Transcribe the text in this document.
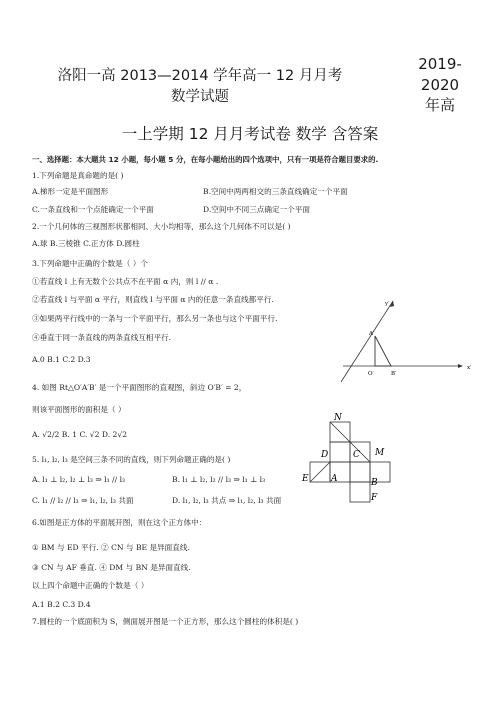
洛阳一高 2013—2014 学年高一 12 月月考
数学试题
2019-
2020
年高
一上学期 12 月月考试卷 数学 含答案
一、选择题：本大题共 12 小题，每小题 5 分，在每小题给出的四个选项中，只有一项是符合题目要求的.
1.下列命题是真命题的是( )
A.梯形一定是平面图形	B.空间中两两相交的三条直线确定一个平面
C.一条直线和一个点能确定一个平面	D.空间中不同三点确定一个平面
2.一个几何体的三视图形状都相同、大小均相等，那么这个几何体不可以是( )
A.球 B.三棱锥 C.正方体 D.圆柱
3.下列命题中正确的个数是（ ）个
①若直线 l 上有无数个公共点不在平面 α 内，则 l // α .
②若直线 l 与平面 α 平行，则直线 l 与平面 α 内的任意一条直线都平行.
③如果两平行线中的一条与一个平面平行，那么另一条也与这个平面平行.
④垂直于同一条直线的两条直线互相平行.
A.0 B.1 C.2 D.3
y′
A′
O′	B′
x′
4. 如图 Rt△O′A′B′ 是一个平面图形的直观图，斜边 O′B′ = 2，
则该平面图形的面积是（ ）
A. √2/2 B. 1 C. √2 D. 2√2
N
D	C M
E A	B
F
5. l₁, l₂, l₃ 是空间三条不同的直线，则下列命题正确的是( )
A. l₁ ⊥ l₂, l₂ ⊥ l₃ ⇒ l₁ // l₃	B. l₁ ⊥ l₂, l₂ // l₃ ⇒ l₁ ⊥ l₃
C. l₁ // l₂ // l₃ ⇒ l₁, l₂, l₃ 共面	D. l₁, l₂, l₃ 共点 ⇒ l₁, l₂, l₃ 共面
6.如图是正方体的平面展开图，则在这个正方体中：
① BM 与 ED 平行. ② CN 与 BE 是异面直线.
③ CN 与 AF 垂直. ④ DM 与 BN 是异面直线.
以上四个命题中正确的个数是（ ）
A.1 B.2 C.3 D.4
7.圆柱的一个底面积为 S，侧面展开图是一个正方形，那么这个圆柱的体积是( )
